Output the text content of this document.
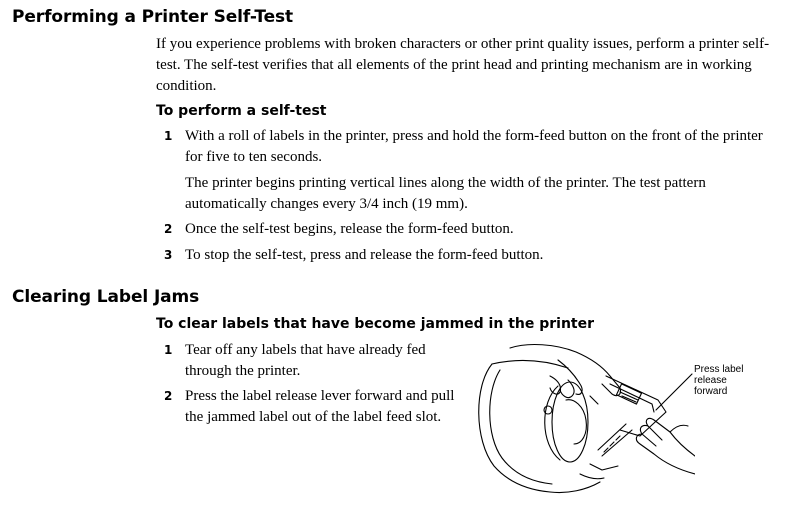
Performing a Printer Self-Test

If you experience problems with broken characters or other print quality issues, perform a printer self-test. The self-test verifies that all elements of the print head and printing mechanism are in working condition.

To perform a self-test
1 With a roll of labels in the printer, press and hold the form-feed button on the front of the printer for five to ten seconds.

The printer begins printing vertical lines along the width of the printer. The test pattern automatically changes every 3/4 inch (19 mm).

2 Once the self-test begins, release the form-feed button.

3 To stop the self-test, press and release the form-feed button.

Clearing Label Jams
To clear labels that have become jammed in the printer
1 Tear off any labels that have already fed through the printer.

2 Press the label release lever forward and pull the jammed label out of the label feed slot.

Press label
release
forward
